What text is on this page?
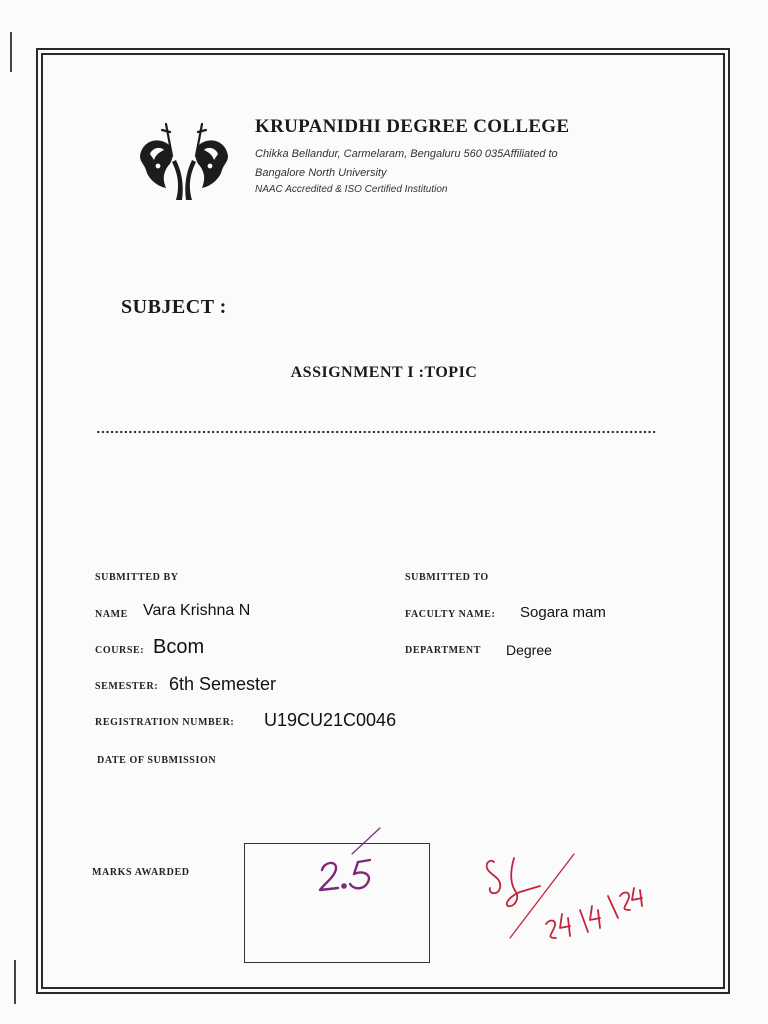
KRUPANIDHI DEGREE COLLEGE
Chikka Bellandur, Carmelaram, Bengaluru 560 035Affiliated to
Bangalore North University
NAAC Accredited & ISO Certified Institution
SUBJECT :
ASSIGNMENT I :TOPIC
SUBMITTED BY
NAME Vara Krishna N
COURSE: Bcom
SEMESTER: 6th Semester
REGISTRATION NUMBER: U19CU21C0046
DATE OF SUBMISSION
SUBMITTED TO
FACULTY NAME: Sogara mam
DEPARTMENT Degree
MARKS AWARDED
